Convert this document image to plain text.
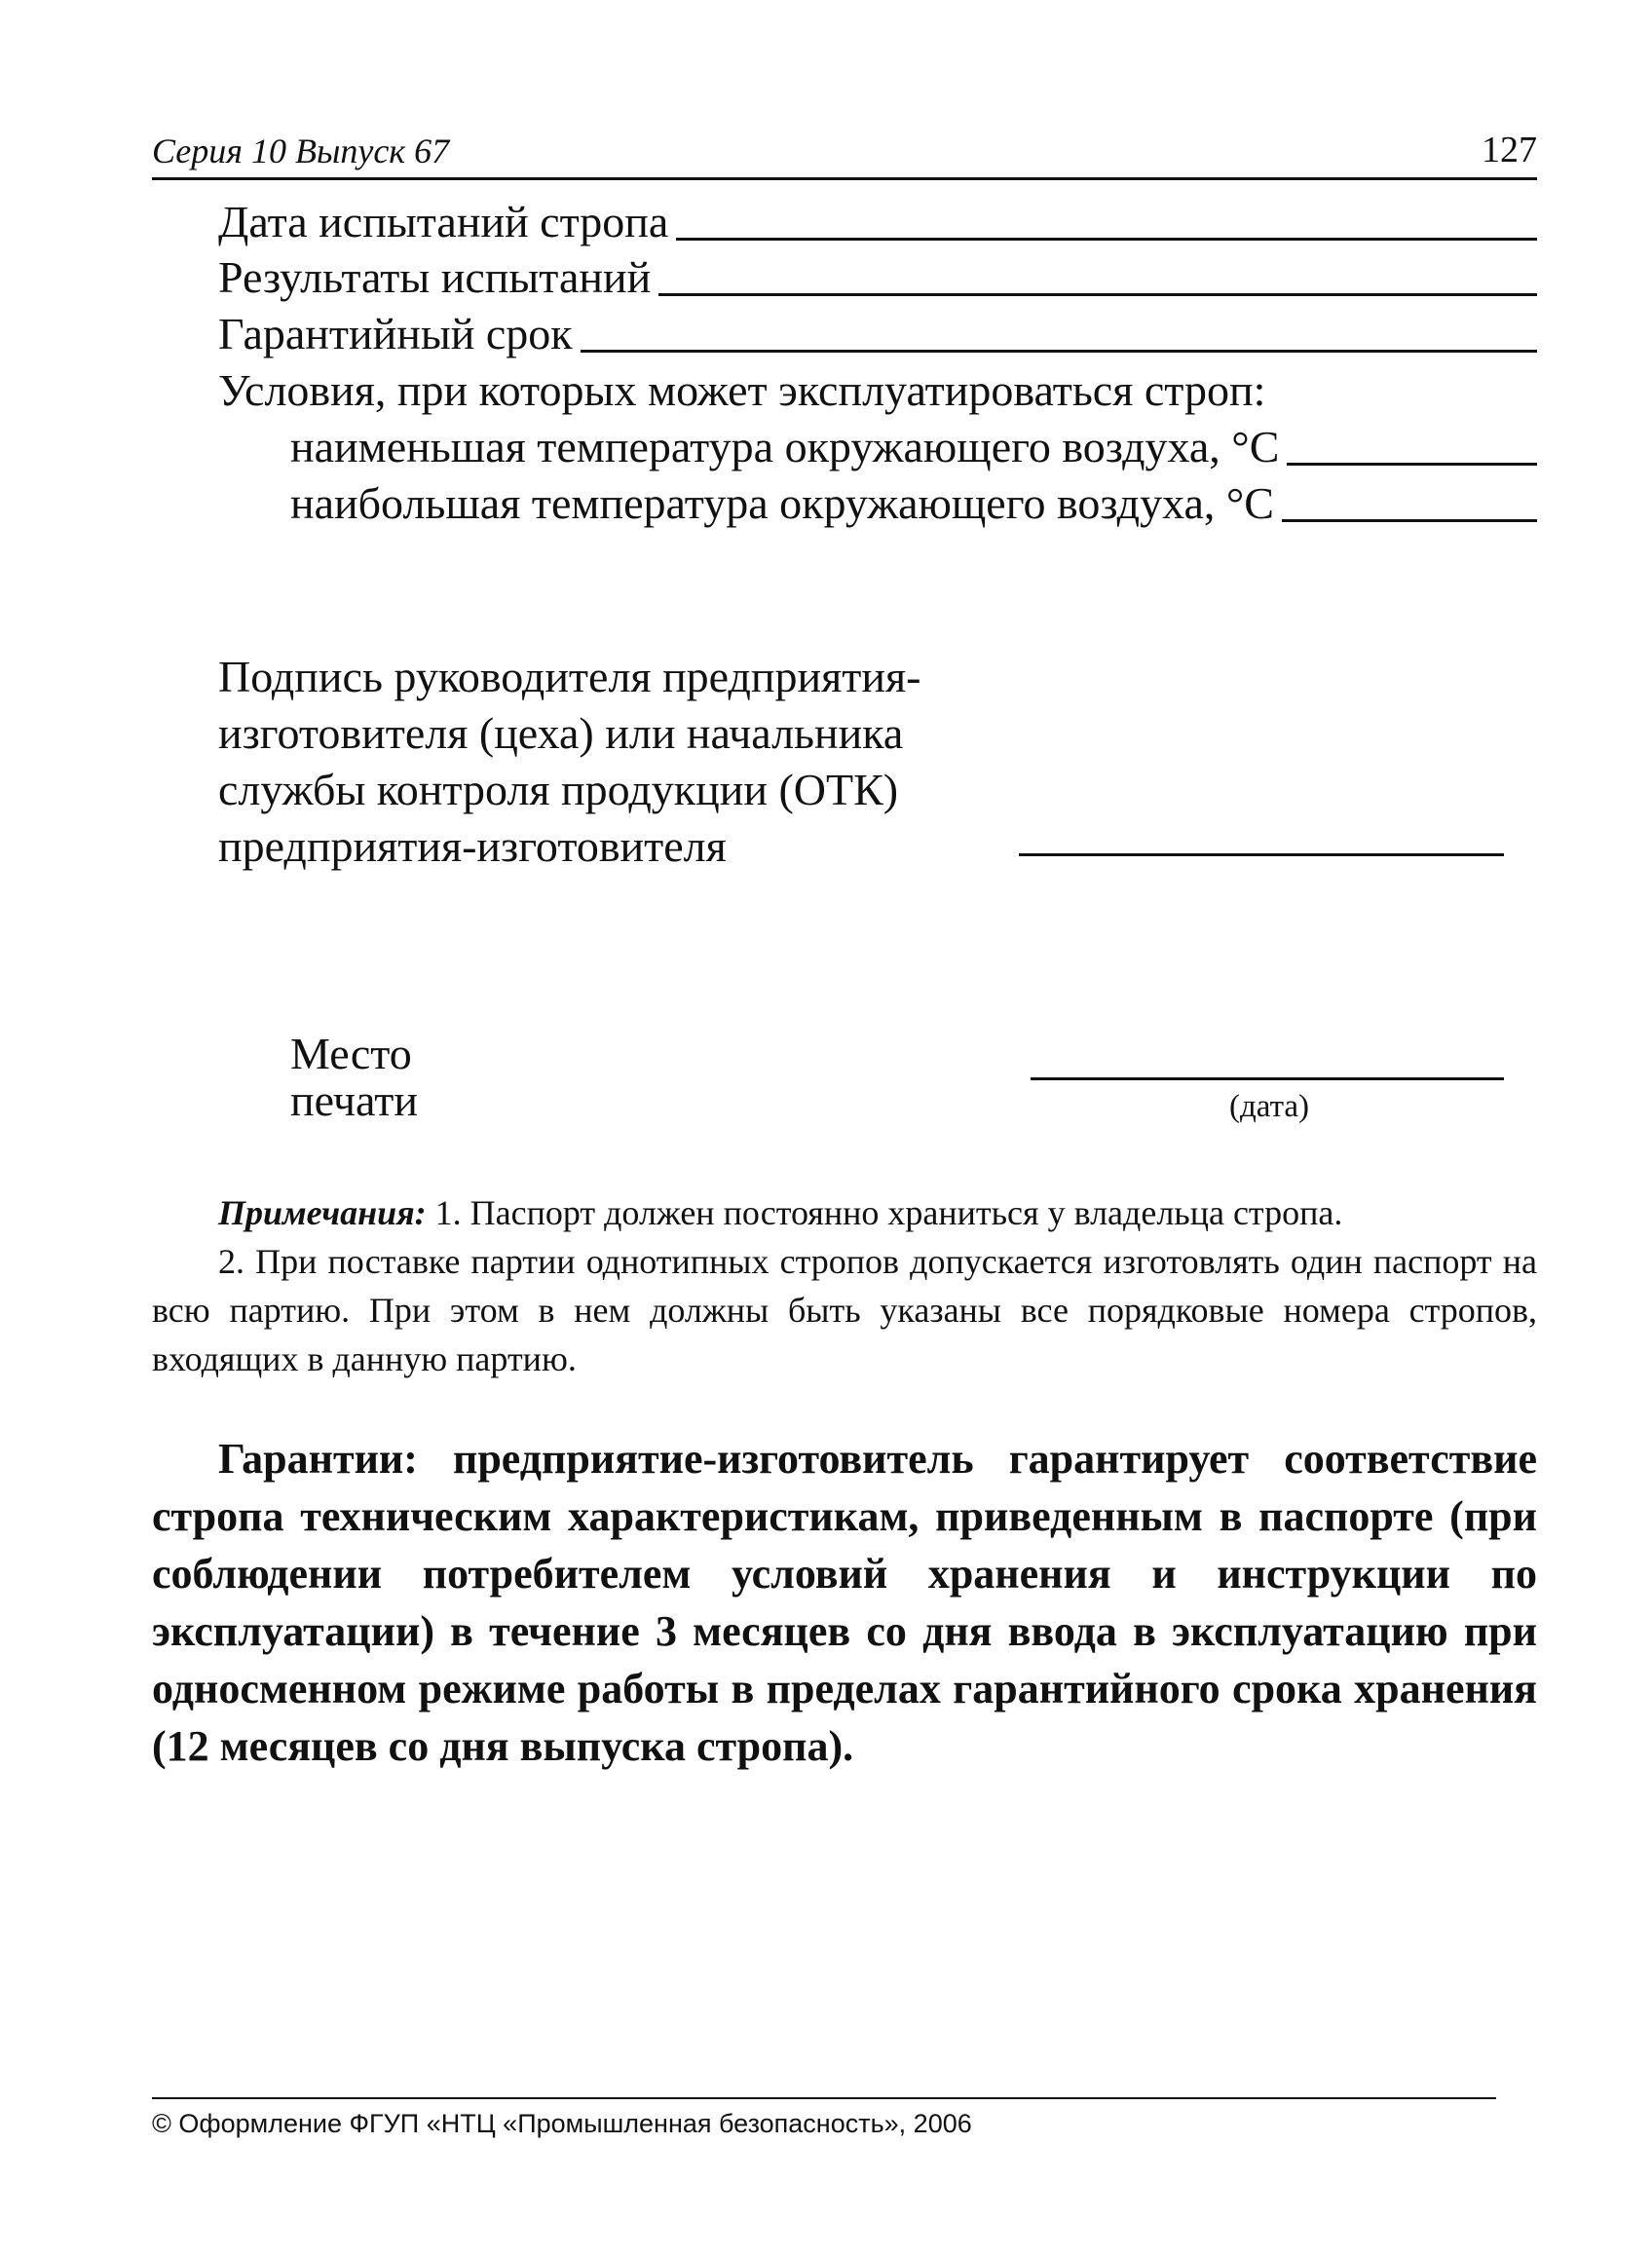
Серия 10 Выпуск 67	127
Дата испытаний стропа
Результаты испытаний
Гарантийный срок
Условия, при которых может эксплуатироваться строп:
наименьшая температура окружающего воздуха, °C
наибольшая температура окружающего воздуха, °C
Подпись руководителя предприятия-
изготовителя (цеха) или начальника
службы контроля продукции (ОТК)
предприятия-изготовителя
Место
печати	(дата)

Примечания: 1. Паспорт должен постоянно храниться у владельца стропа.

2. При поставке партии однотипных стропов допускается изготовлять один паспорт на всю партию. При этом в нем должны быть указаны все порядковые номера стропов, входящих в данную партию.

Гарантии: предприятие-изготовитель гарантирует соответствие стропа техническим характеристикам, приведенным в паспорте (при соблюдении потребителем условий хранения и инструкции по эксплуатации) в течение 3 месяцев со дня ввода в эксплуатацию при односменном режиме работы в пределах гарантийного срока хранения (12 месяцев со дня выпуска стропа).
© Оформление ФГУП «НТЦ «Промышленная безопасность», 2006
